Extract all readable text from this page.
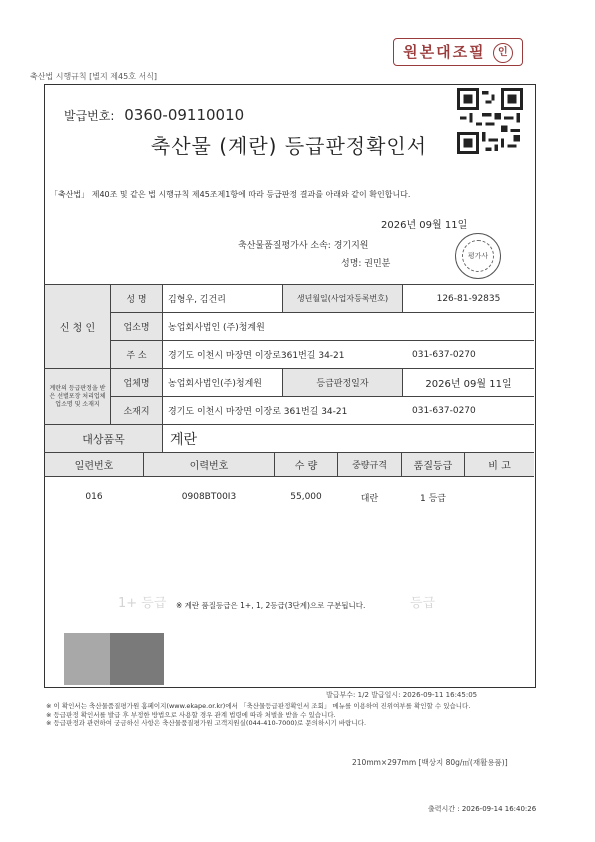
축산법 시행규칙 [별지 제45호 서식]
원본대조필 인
발급번호: 0360-09110010
축산물 (계란) 등급판정확인서
「축산법」 제40조 및 같은 법 시행규칙 제45조제1항에 따라 등급판정 결과를 아래와 같이 확인합니다.
2026년 09월 11일
축산물품질평가사 소속: 경기지원
성명: 권민분
평가사
신 청 인
성 명	김형우, 김건리	생년월일(사업자등록번호)	126-81-92835
업소명	농업회사법인 (주)청계원
주 소	경기도 이천시 마장면 이장로361번길 34-21	031-637-0270
계란의 등급판정을 받은 선별포장 처리업체 업소명 및 소재지
업체명	농업회사법인(주)청계원	등급판정일자	2026년 09월 11일
소재지	경기도 이천시 마장면 이장로 361번길 34-21	031-637-0270
대상품목	계란
일련번호	이력번호	수 량	중량규격	품질등급	비 고
016	0908BT00I3	55,000	대란	1 등급
1+ 등급	등급
※ 계란 품질등급은 1+, 1, 2등급(3단계)으로 구분됩니다.
발급부수: 1/2 발급일시: 2026-09-11 16:45:05
※ 이 확인서는 축산물품질평가원 홈페이지(www.ekape.or.kr)에서 「축산물등급판정확인서 조회」 메뉴를 이용하여 진위여부를 확인할 수 있습니다.
※ 등급판정 확인서를 발급 후 부정한 방법으로 사용할 경우 관계 법령에 따라 처벌을 받을 수 있습니다.
※ 등급판정과 관련하여 궁금하신 사항은 축산물품질평가원 고객지원실(044-410-7000)로 문의하시기 바랍니다.
210mm×297mm [백상지 80g/㎡(재활용품)]
출력시간 : 2026-09-14 16:40:26
